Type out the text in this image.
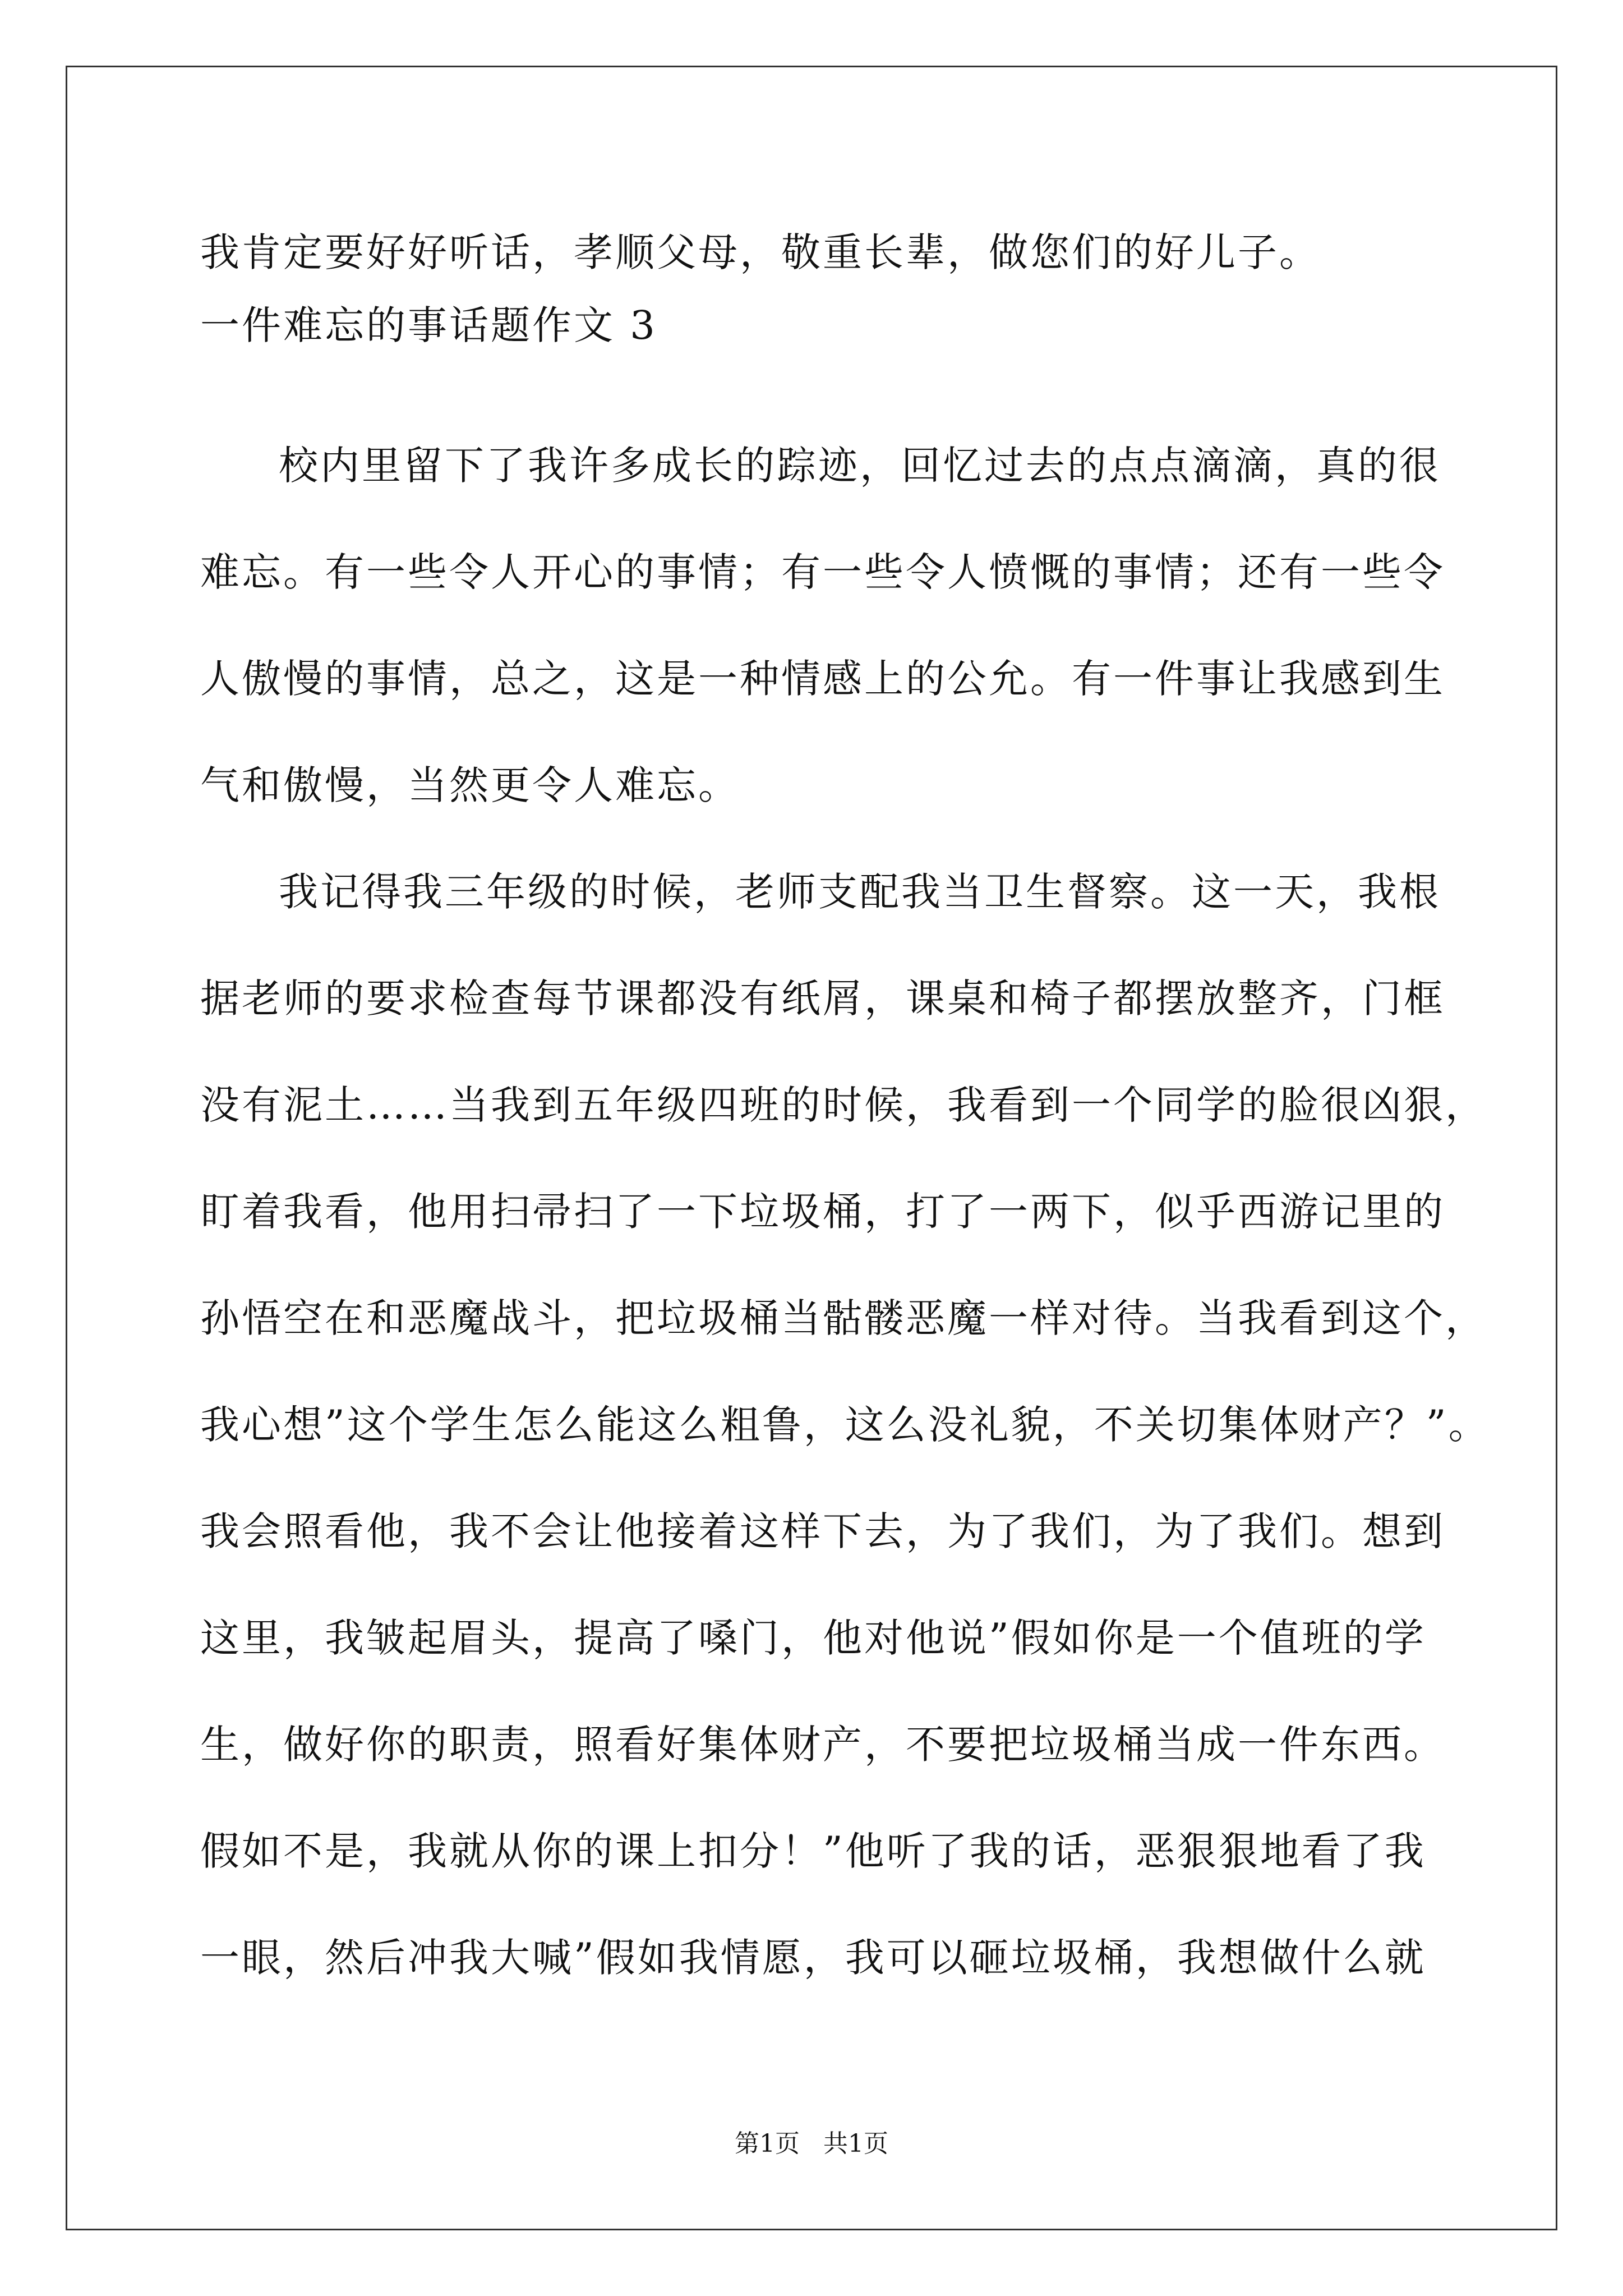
我肯定要好好听话，孝顺父母，敬重长辈，做您们的好儿子。
一件难忘的事话题作文 3
校内里留下了我许多成长的踪迹，回忆过去的点点滴滴，真的很
难忘。有一些令人开心的事情；有一些令人愤慨的事情；还有一些令
人傲慢的事情，总之，这是一种情感上的公允。有一件事让我感到生
气和傲慢，当然更令人难忘。
我记得我三年级的时候，老师支配我当卫生督察。这一天，我根
据老师的要求检查每节课都没有纸屑，课桌和椅子都摆放整齐，门框
没有泥土……当我到五年级四班的时候，我看到一个同学的脸很凶狠，
盯着我看，他用扫帚扫了一下垃圾桶，打了一两下，似乎西游记里的
孙悟空在和恶魔战斗，把垃圾桶当骷髅恶魔一样对待。当我看到这个，
我心想”这个学生怎么能这么粗鲁，这么没礼貌，不关切集体财产？”。
我会照看他，我不会让他接着这样下去，为了我们，为了我们。想到
这里，我皱起眉头，提高了嗓门，他对他说”假如你是一个值班的学
生，做好你的职责，照看好集体财产，不要把垃圾桶当成一件东西。
假如不是，我就从你的课上扣分！”他听了我的话，恶狠狠地看了我
一眼，然后冲我大喊”假如我情愿，我可以砸垃圾桶，我想做什么就
第1页   共1页
